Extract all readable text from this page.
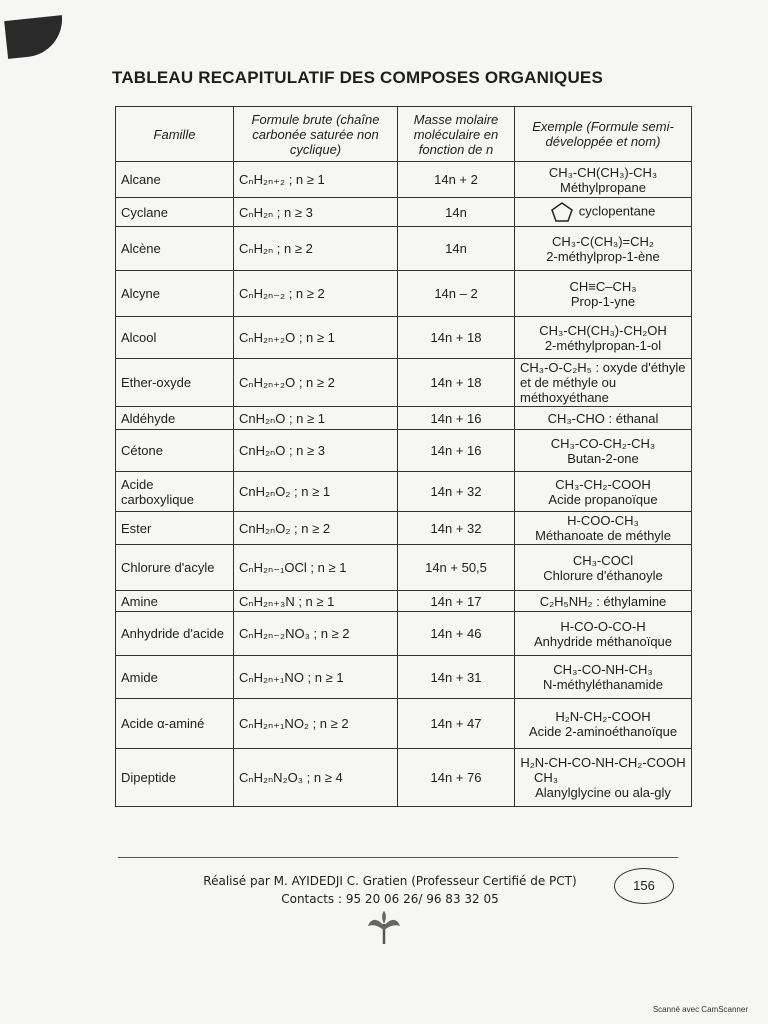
TABLEAU RECAPITULATIF DES COMPOSES ORGANIQUES
Famille	Formule brute (chaîne carbonée saturée non cyclique)	Masse molaire moléculaire en fonction de n	Exemple (Formule semi-développée et nom)
Alcane	CₙH₂ₙ₊₂ ; n ≥ 1	14n + 2	CH₃-CH(CH₃)-CH₃
Méthylpropane

Cyclane	CₙH₂ₙ ; n ≥ 3	14n	cyclopentane
Alcène	CₙH₂ₙ ; n ≥ 2	14n	CH₃-C(CH₃)=CH₂
2-méthylprop-1-ène

Alcyne	CₙH₂ₙ₋₂ ; n ≥ 2	14n – 2	CH≡C–CH₃
Prop-1-yne

Alcool	CₙH₂ₙ₊₂O ; n ≥ 1	14n + 18	CH₃-CH(CH₃)-CH₂OH
2-méthylpropan-1-ol

Ether-oxyde	CₙH₂ₙ₊₂O ; n ≥ 2	14n + 18	CH₃-O-C₂H₅ : oxyde d'éthyle et de méthyle ou
méthoxyéthane

Aldéhyde	CnH₂ₙO ; n ≥ 1	14n + 16	CH₃-CHO : éthanal

Cétone	CnH₂ₙO ; n ≥ 3	14n + 16	CH₃-CO-CH₂-CH₃
Butan-2-one

Acide carboxylique	CnH₂ₙO₂ ; n ≥ 1	14n + 32	CH₃-CH₂-COOH
Acide propanoïque

Ester	CnH₂ₙO₂ ; n ≥ 2	14n + 32	H-COO-CH₃
Méthanoate de méthyle

Chlorure d'acyle	CₙH₂ₙ₋₁OCl ; n ≥ 1	14n + 50,5	CH₃-COCl
Chlorure d'éthanoyle

Amine	CₙH₂ₙ₊₃N ; n ≥ 1	14n + 17	C₂H₅NH₂ : éthylamine

Anhydride d'acide	CₙH₂ₙ₋₂NO₃ ; n ≥ 2	14n + 46	H-CO-O-CO-H
Anhydride méthanoïque

Amide	CₙH₂ₙ₊₁NO ; n ≥ 1	14n + 31	CH₃-CO-NH-CH₃
N-méthyléthanamide

Acide α-aminé	CₙH₂ₙ₊₁NO₂ ; n ≥ 2	14n + 47	H₂N-CH₂-COOH
Acide 2-aminoéthanoïque

Dipeptide	CₙH₂ₙN₂O₃ ; n ≥ 4	14n + 76	H₂N-CH-CO-NH-CH₂-COOH
CH₃
Alanylglycine ou ala-gly
Réalisé par M. AYIDEDJI C. Gratien (Professeur Certifié de PCT)
Contacts : 95 20 06 26/ 96 83 32 05
156
Scanné avec CamScanner
